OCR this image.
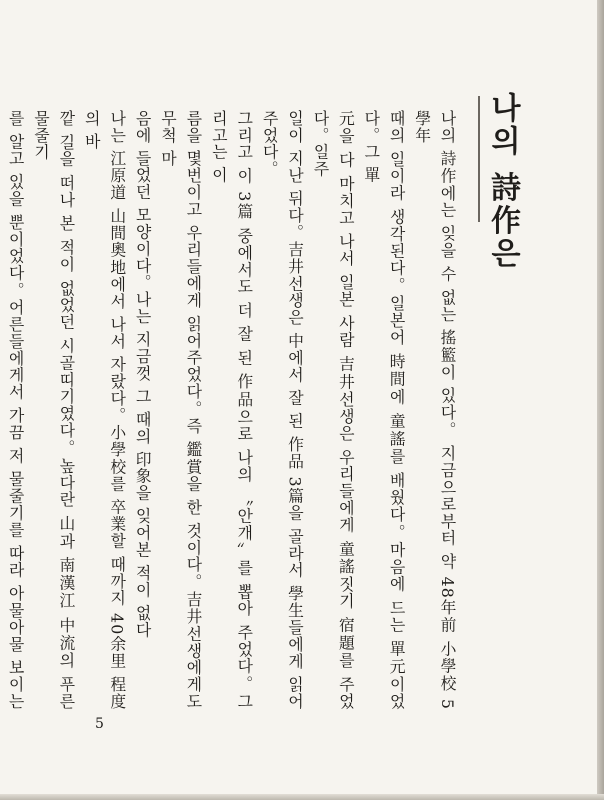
나의 詩作은

나의 詩作에는 잊을 수 없는 搖籃이 있다。 지금으로부터 약 48年前 小學校 5學年

때의 일이라 생각된다。일본어 時間에 童謠를 배웠다。마음에 드는 單元이었다。그 單

元을 다 마치고 나서 일본 사람 吉井선생은 우리들에게 童謠짓기 宿題를 주었다。일주

일이 지난 뒤다。吉井선생은 中에서 잘 된 作品 3篇을 골라서 學生들에게 읽어 주었다。

그리고 이 3篇 중에서도 더 잘 된 作品으로 나의 〝안개〟를 뽑아 주었다。그리고는 이

름을 몇번이고 우리들에게 읽어주었다。즉 鑑賞을 한 것이다。吉井선생에게도 무척 마

음에 들었던 모양이다。나는 지금껏 그 때의 印象을 잊어본 적이 없다

나는 江原道 山間奧地에서 나서 자랐다。小學校를 卒業할 때까지 40余里 程度의 바

깥 길을 떠나 본 적이 없었던 시골띠기였다。높다란 山과 南漢江 中流의 푸른 물줄기

를 알고 있을 뿐이었다。어른들에게서 가끔 저 물줄기를 따라 아물아물 보이는

5
